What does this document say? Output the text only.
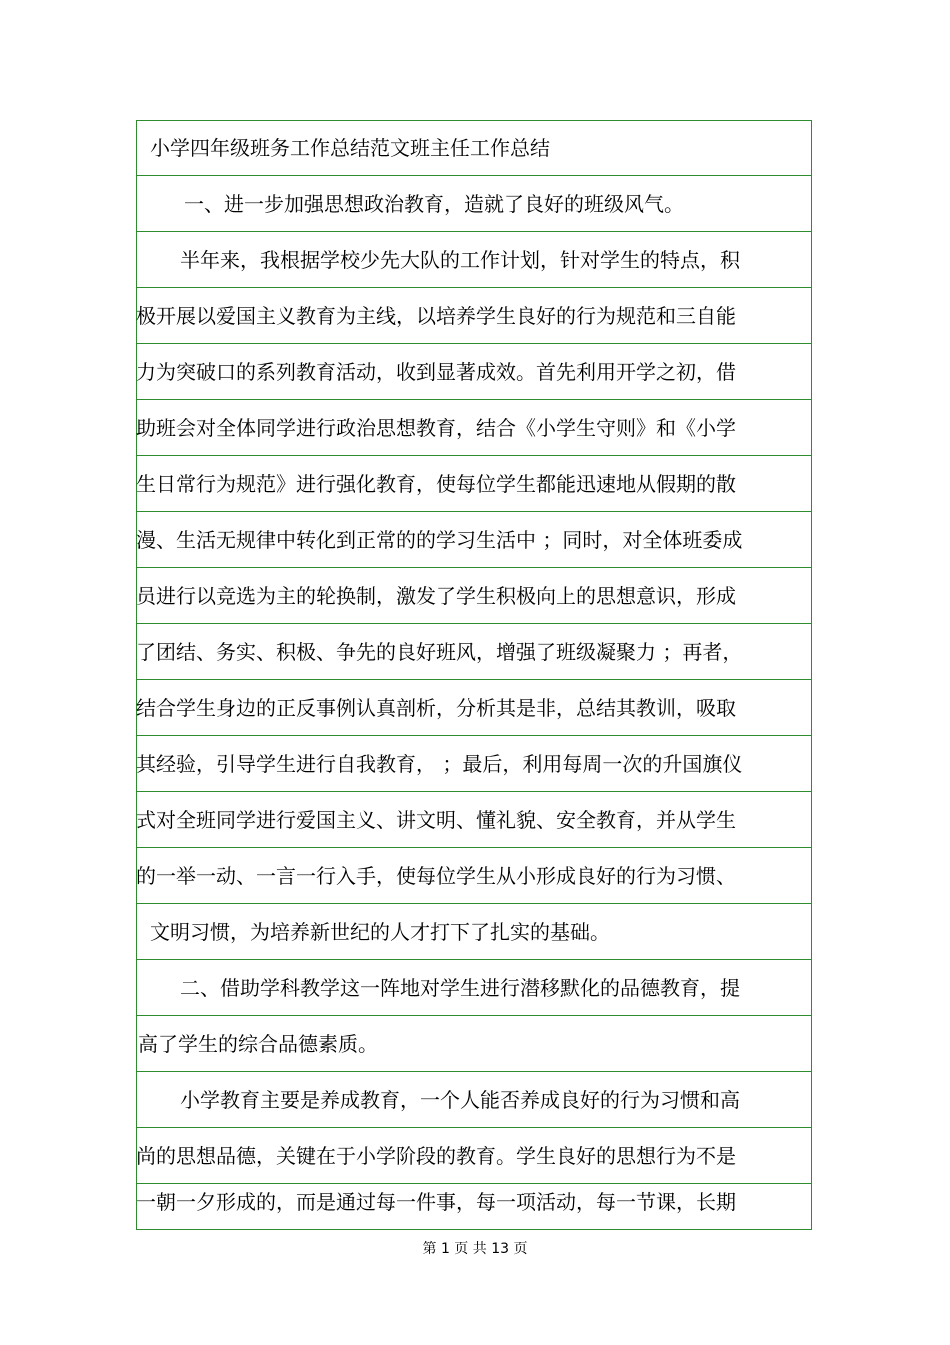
小学四年级班务工作总结范文班主任工作总结
一、进一步加强思想政治教育，造就了良好的班级风气。
半年来，我根据学校少先大队的工作计划，针对学生的特点，积
极开展以爱国主义教育为主线，以培养学生良好的行为规范和三自能
力为突破口的系列教育活动，收到显著成效。首先利用开学之初，借
助班会对全体同学进行政治思想教育，结合《小学生守则》和《小学
生日常行为规范》进行强化教育，使每位学生都能迅速地从假期的散
漫、生活无规律中转化到正常的的学习生活中 ；同时，对全体班委成
员进行以竞选为主的轮换制，激发了学生积极向上的思想意识，形成
了团结、务实、积极、争先的良好班风，增强了班级凝聚力 ；再者，
结合学生身边的正反事例认真剖析，分析其是非，总结其教训，吸取
其经验，引导学生进行自我教育， ；最后，利用每周一次的升国旗仪
式对全班同学进行爱国主义、讲文明、懂礼貌、安全教育，并从学生
的一举一动、一言一行入手，使每位学生从小形成良好的行为习惯、
文明习惯，为培养新世纪的人才打下了扎实的基础。
二、借助学科教学这一阵地对学生进行潜移默化的品德教育，提
高了学生的综合品德素质。
小学教育主要是养成教育，一个人能否养成良好的行为习惯和高
尚的思想品德，关键在于小学阶段的教育。学生良好的思想行为不是
一朝一夕形成的，而是通过每一件事，每一项活动，每一节课，长期
第 1 页 共 13 页
